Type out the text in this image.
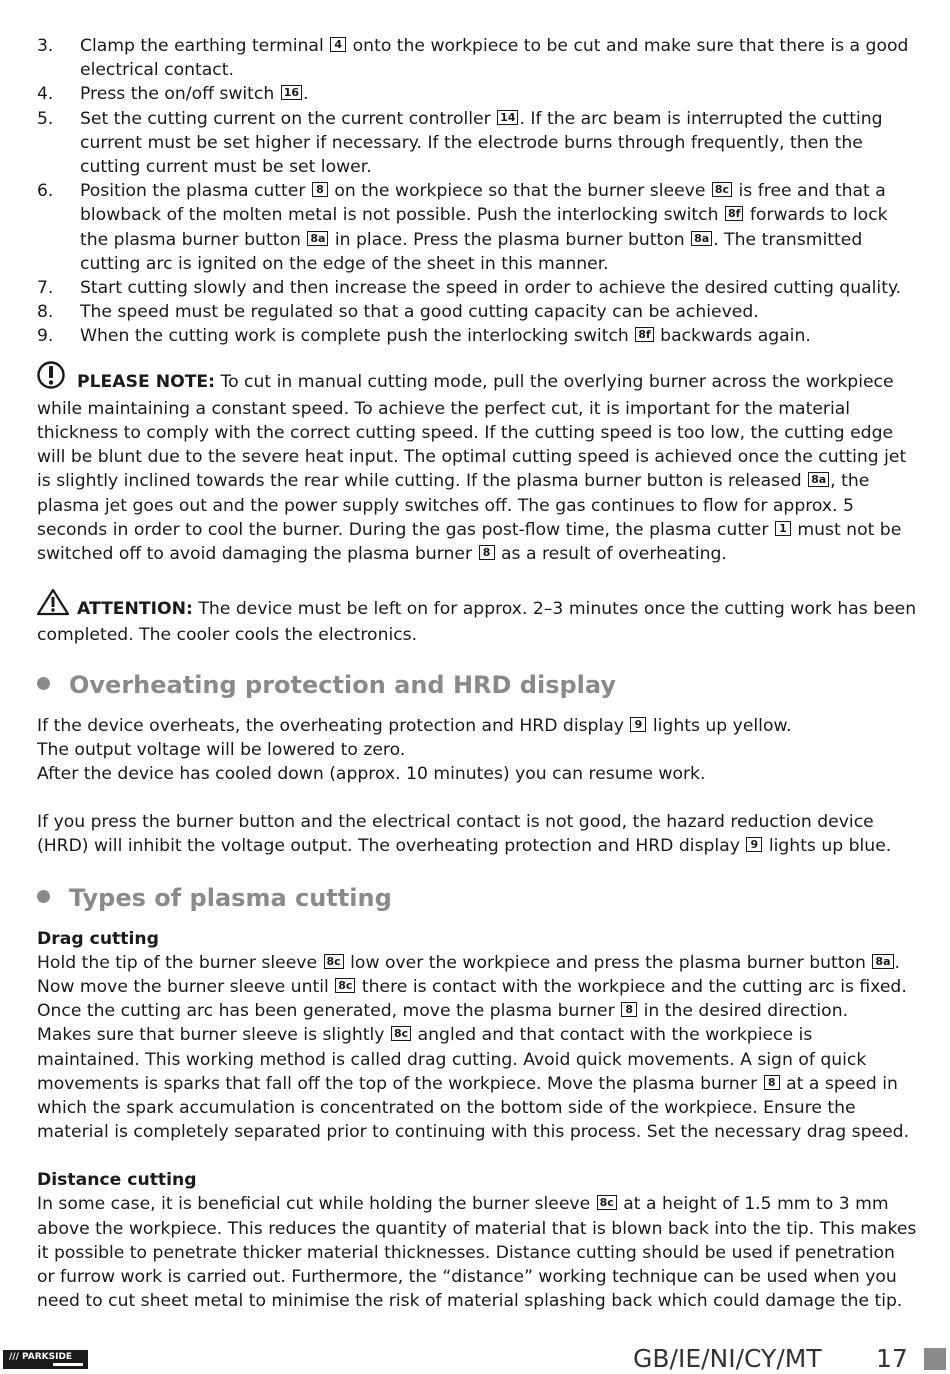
3. Clamp the earthing terminal 4 onto the workpiece to be cut and make sure that there is a good electrical contact.
4. Press the on/off switch 16 .
5. Set the cutting current on the current controller 14 . If the arc beam is interrupted the cutting current must be set higher if necessary. If the electrode burns through frequently, then the cutting current must be set lower.
6. Position the plasma cutter 8 on the workpiece so that the burner sleeve 8c is free and that a blowback of the molten metal is not possible. Push the interlocking switch 8f forwards to lock the plasma burner button 8a in place. Press the plasma burner button 8a . The transmitted cutting arc is ignited on the edge of the sheet in this manner.
7. Start cutting slowly and then increase the speed in order to achieve the desired cutting quality.
8. The speed must be regulated so that a good cutting capacity can be achieved.
9. When the cutting work is complete push the interlocking switch 8f backwards again.
PLEASE NOTE: To cut in manual cutting mode, pull the overlying burner across the workpiece while maintaining a constant speed. To achieve the perfect cut, it is important for the material thickness to comply with the correct cutting speed. If the cutting speed is too low, the cutting edge will be blunt due to the severe heat input. The optimal cutting speed is achieved once the cutting jet is slightly inclined towards the rear while cutting. If the plasma burner button is released 8a , the plasma jet goes out and the power supply switches off. The gas continues to flow for approx. 5 seconds in order to cool the burner. During the gas post-flow time, the plasma cutter 1 must not be switched off to avoid damaging the plasma burner 8 as a result of overheating.
ATTENTION: The device must be left on for approx. 2–3 minutes once the cutting work has been completed. The cooler cools the electronics.
Overheating protection and HRD display

If the device overheats, the overheating protection and HRD display 9 lights up yellow.
The output voltage will be lowered to zero.
After the device has cooled down (approx. 10 minutes) you can resume work.

If you press the burner button and the electrical contact is not good, the hazard reduction device (HRD) will inhibit the voltage output. The overheating protection and HRD display 9 lights up blue.

Types of plasma cutting
Drag cutting

Hold the tip of the burner sleeve 8c low over the workpiece and press the plasma burner button 8a .
Now move the burner sleeve until 8c there is contact with the workpiece and the cutting arc is fixed.
Once the cutting arc has been generated, move the plasma burner 8 in the desired direction.
Makes sure that burner sleeve is slightly 8c angled and that contact with the workpiece is maintained. This working method is called drag cutting. Avoid quick movements. A sign of quick movements is sparks that fall off the top of the workpiece. Move the plasma burner 8 at a speed in which the spark accumulation is concentrated on the bottom side of the workpiece. Ensure the material is completely separated prior to continuing with this process. Set the necessary drag speed.

Distance cutting

In some case, it is beneficial cut while holding the burner sleeve 8c at a height of 1.5 mm to 3 mm above the workpiece. This reduces the quantity of material that is blown back into the tip. This makes it possible to penetrate thicker material thicknesses. Distance cutting should be used if penetration or furrow work is carried out. Furthermore, the “distance” working technique can be used when you need to cut sheet metal to minimise the risk of material splashing back which could damage the tip.

/// PARKSIDE	GB/IE/NI/CY/MT 17
